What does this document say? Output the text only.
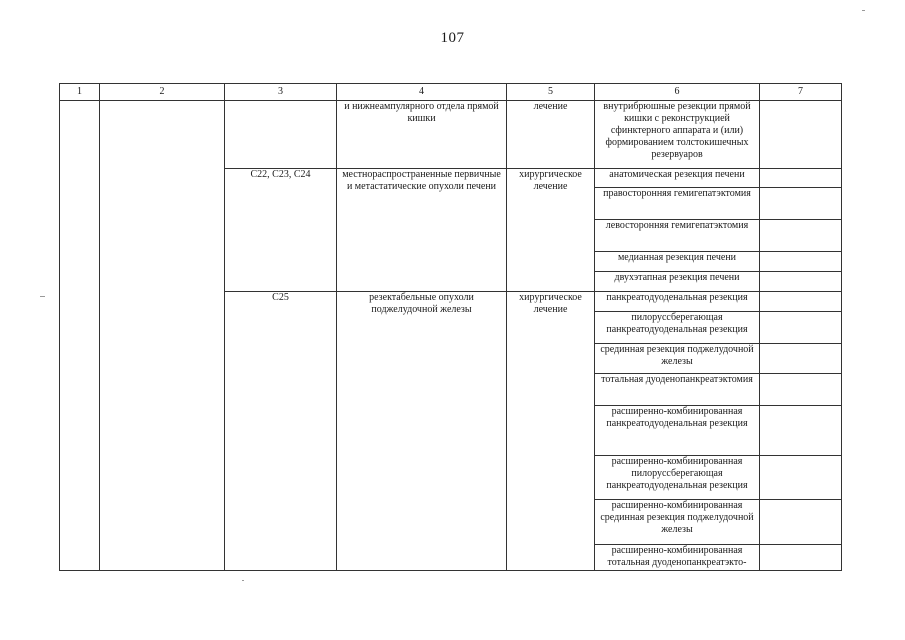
107
1	2	3	4	5	6	7
			и нижнеампулярного отдела прямой кишки	лечение	внутрибрюшные резекции прямой кишки с реконструкцией сфинктерного аппарата и (или) формированием толстокишечных резервуаров	
		C22, C23, C24	местнораспространенные первичные и метастатические опухоли печени	хирургическое лечение	анатомическая резекция печени	
					правосторонняя гемигепатэктомия	
					левосторонняя гемигепатэктомия	
					медианная резекция печени	
					двухэтапная резекция печени	
		C25	резектабельные опухоли поджелудочной железы	хирургическое лечение	панкреатодуоденальная резекция	
					пилоруссберегающая панкреатодуоденальная резекция	
					срединная резекция поджелудочной железы	
					тотальная дуоденопанкреатэктомия	
					расширенно-комбинированная панкреатодуоденальная резекция	
					расширенно-комбинированная пилоруссберегающая панкреатодуоденальная резекция	
					расширенно-комбинированная срединная резекция поджелудочной железы	
					расширенно-комбинированная тотальная дуоденопанкреатэкто-	
